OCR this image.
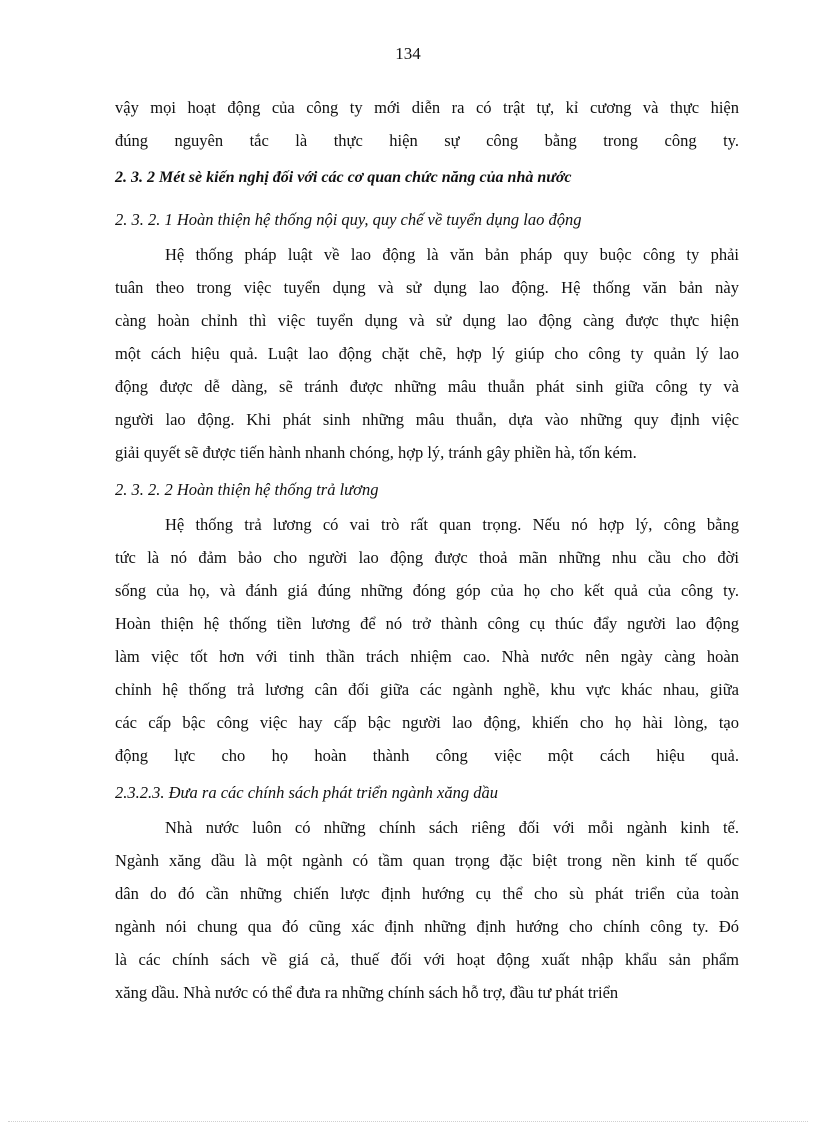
134
vậy mọi hoạt động của công ty mới diễn ra có trật tự, kỉ cương và thực hiện
đúng nguyên tắc là thực hiện sự công bằng trong công ty.
2. 3. 2 Mét sè kiến nghị đối với các cơ quan chức năng của nhà nước
2. 3. 2. 1 Hoàn thiện hệ thống nội quy, quy chế về tuyển dụng lao động
Hệ thống pháp luật về lao động là văn bản pháp quy buộc công ty phải
tuân theo trong việc tuyển dụng và sử dụng lao động. Hệ thống văn bản này
càng hoàn chỉnh thì việc tuyển dụng và sử dụng lao động càng được thực hiện
một cách hiệu quả. Luật lao động chặt chẽ, hợp lý giúp cho công ty quản lý lao
động được dễ dàng, sẽ tránh được những mâu thuẫn phát sinh giữa công ty và
người lao động. Khi phát sinh những mâu thuẫn, dựa vào những quy định việc
giải quyết sẽ được tiến hành nhanh chóng, hợp lý, tránh gây phiền hà, tốn kém.
2. 3. 2. 2 Hoàn thiện hệ thống trả lương
Hệ thống trả lương có vai trò rất quan trọng. Nếu nó hợp lý, công bằng
tức là nó đảm bảo cho người lao động được thoả mãn những nhu cầu cho đời
sống của họ, và đánh giá đúng những đóng góp của họ cho kết quả của công ty.
Hoàn thiện hệ thống tiền lương để nó trở thành công cụ thúc đẩy người lao động
làm việc tốt hơn với tinh thần trách nhiệm cao. Nhà nước nên ngày càng hoàn
chỉnh hệ thống trả lương cân đối giữa các ngành nghề, khu vực khác nhau, giữa
các cấp bậc công việc hay cấp bậc người lao động, khiến cho họ hài lòng, tạo
động lực cho họ hoàn thành công việc một cách hiệu quả.
2.3.2.3. Đưa ra các chính sách phát triển ngành xăng dầu
Nhà nước luôn có những chính sách riêng đối với mỗi ngành kinh tế.
Ngành xăng dầu là một ngành có tầm quan trọng đặc biệt trong nền kinh tế quốc
dân do đó cần những chiến lược định hướng cụ thể cho sù phát triển của toàn
ngành nói chung qua đó cũng xác định những định hướng cho chính công ty. Đó
là các chính sách về giá cả, thuế đối với hoạt động xuất nhập khẩu sản phẩm
xăng dầu. Nhà nước có thể đưa ra những chính sách hỗ trợ, đầu tư phát triển
